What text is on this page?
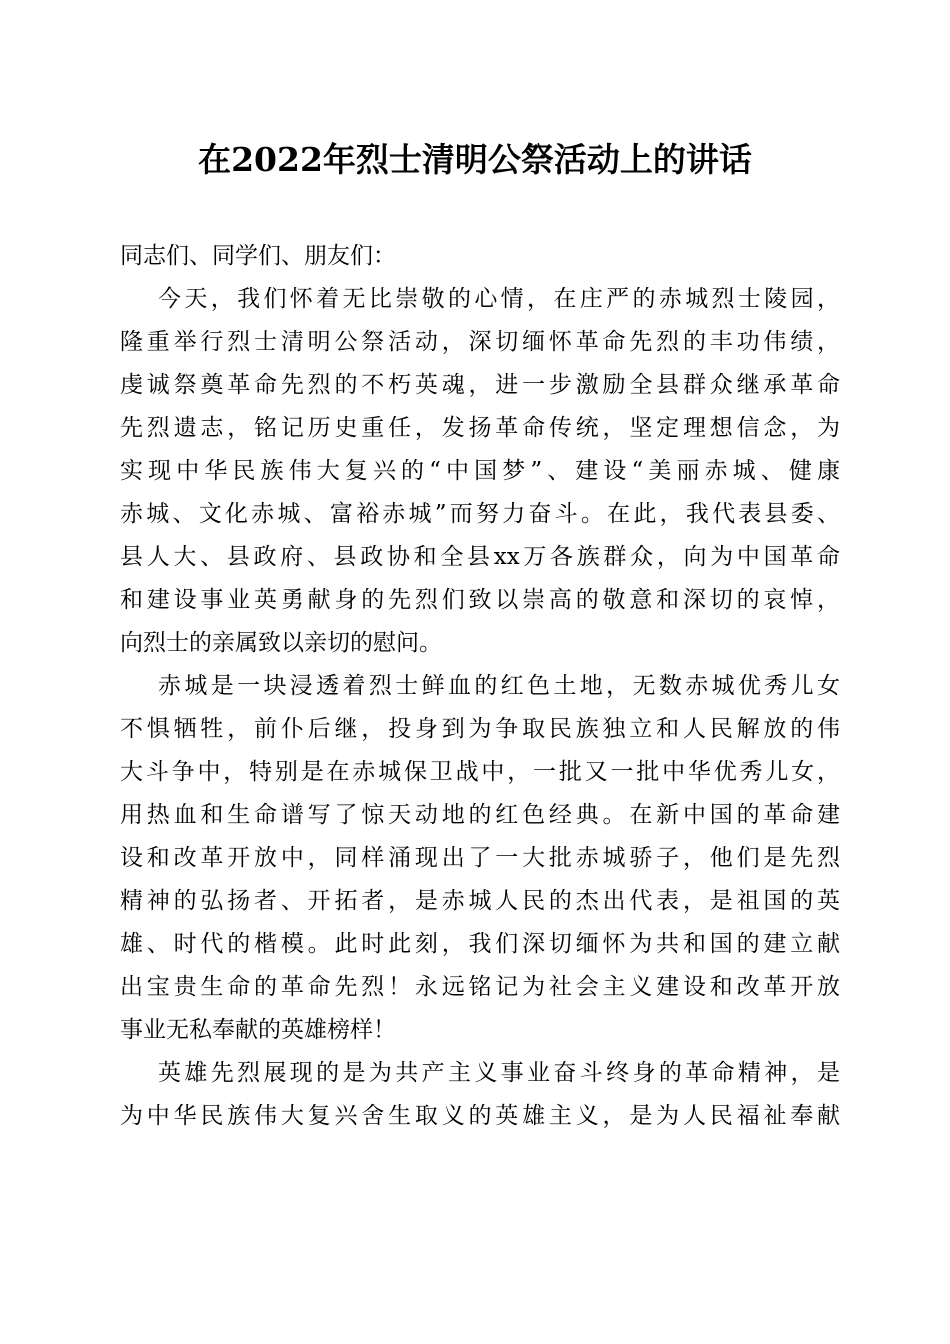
在2022年烈士清明公祭活动上的讲话
同志们、同学们、朋友们：
今天，我们怀着无比崇敬的心情，在庄严的赤城烈士陵园，
隆重举行烈士清明公祭活动，深切缅怀革命先烈的丰功伟绩，
虔诚祭奠革命先烈的不朽英魂，进一步激励全县群众继承革命
先烈遗志，铭记历史重任，发扬革命传统，坚定理想信念，为
实现中华民族伟大复兴的“中国梦”、建设“美丽赤城、健康
赤城、文化赤城、富裕赤城”而努力奋斗。在此，我代表县委、
县人大、县政府、县政协和全县xx万各族群众，向为中国革命
和建设事业英勇献身的先烈们致以崇高的敬意和深切的哀悼，
向烈士的亲属致以亲切的慰问。
赤城是一块浸透着烈士鲜血的红色土地，无数赤城优秀儿女
不惧牺牲，前仆后继，投身到为争取民族独立和人民解放的伟
大斗争中，特别是在赤城保卫战中，一批又一批中华优秀儿女，
用热血和生命谱写了惊天动地的红色经典。在新中国的革命建
设和改革开放中，同样涌现出了一大批赤城骄子，他们是先烈
精神的弘扬者、开拓者，是赤城人民的杰出代表，是祖国的英
雄、时代的楷模。此时此刻，我们深切缅怀为共和国的建立献
出宝贵生命的革命先烈！永远铭记为社会主义建设和改革开放
事业无私奉献的英雄榜样！
英雄先烈展现的是为共产主义事业奋斗终身的革命精神，是
为中华民族伟大复兴舍生取义的英雄主义，是为人民福祉奉献
